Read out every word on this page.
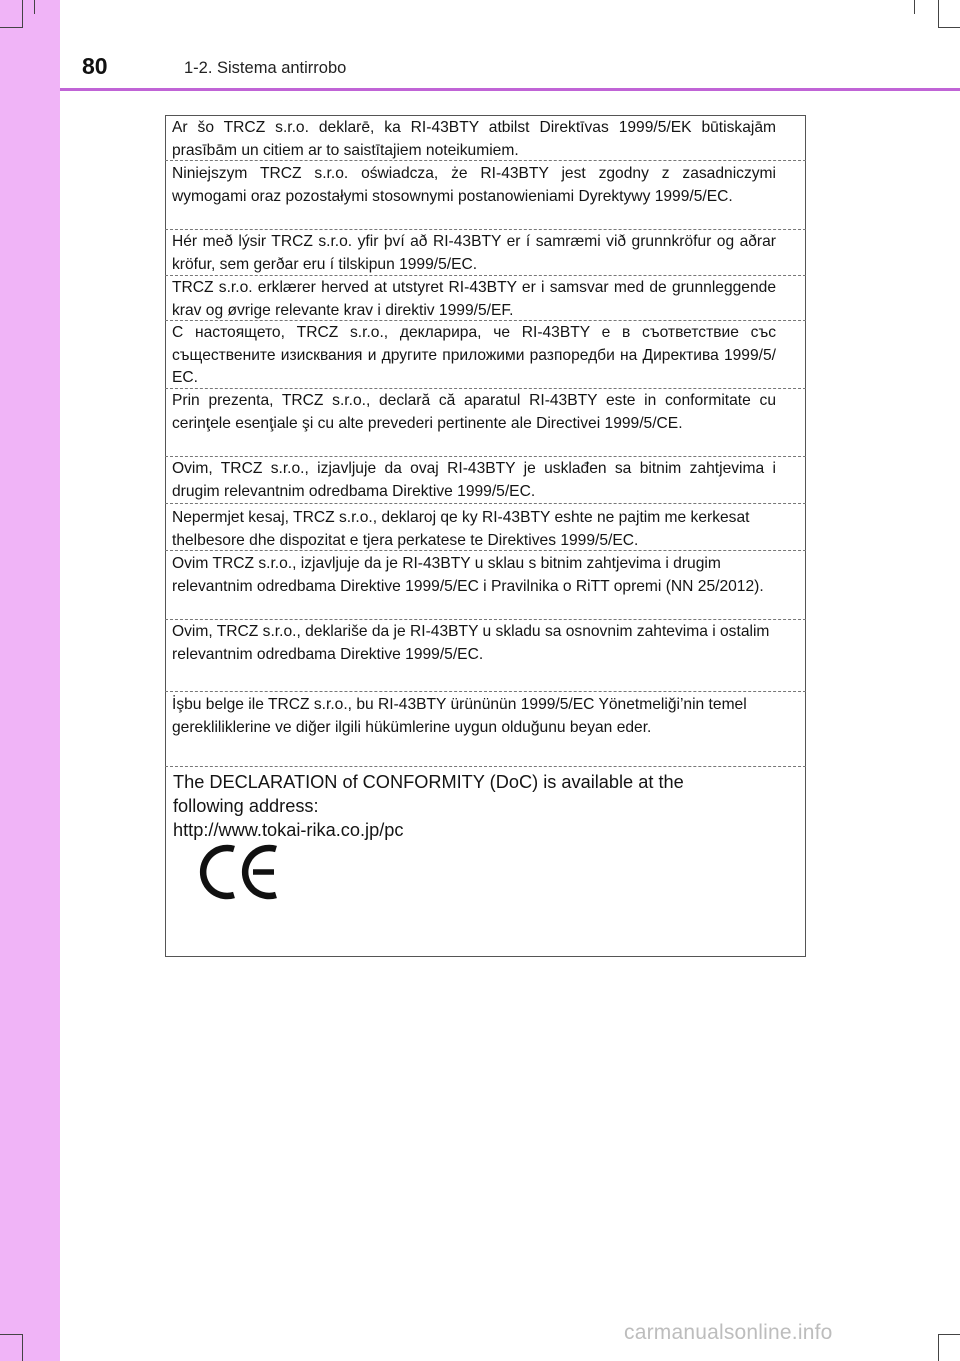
80	1-2. Sistema antirrobo
Ar šo TRCZ s.r.o. deklarē, ka RI-43BTY atbilst Direktīvas 1999/5/EK būtiskajām prasībām un citiem ar to saistītajiem noteikumiem.
Niniejszym TRCZ s.r.o. oświadcza, że RI-43BTY jest zgodny z zasadniczymi wymogami oraz pozostałymi stosownymi postanowieniami Dyrektywy 1999/5/EC.
Hér með lýsir TRCZ s.r.o. yfir því að RI-43BTY er í samræmi við grunnkröfur og aðrar kröfur, sem gerðar eru í tilskipun 1999/5/EC.
TRCZ s.r.o. erklærer herved at utstyret RI-43BTY er i samsvar med de grunnleggende krav og øvrige relevante krav i direktiv 1999/5/EF.
С настоящето, TRCZ s.r.o., декларира, че RI-43BTY е в съответствие със съществените изисквания и другите приложими разпоредби на Директива 1999/5/ЕС.
Prin prezenta, TRCZ s.r.o., declară că aparatul RI-43BTY este in conformitate cu cerinţele esenţiale şi cu alte prevederi pertinente ale Directivei 1999/5/CE.
Ovim, TRCZ s.r.o., izjavljuje da ovaj RI-43BTY je usklađen sa bitnim zahtjevima i drugim relevantnim odredbama Direktive 1999/5/EC.
Nepermjet kesaj, TRCZ s.r.o., deklaroj qe ky RI-43BTY eshte ne pajtim me kerkesat thelbesore dhe dispozitat e tjera perkatese te Direktives 1999/5/EC.
Ovim TRCZ s.r.o., izjavljuje da je RI-43BTY u sklau s bitnim zahtjevima i drugim relevantnim odredbama Direktive 1999/5/EC i Pravilnika o RiTT opremi (NN 25/2012).
Ovim, TRCZ s.r.o., deklariše da je RI-43BTY u skladu sa osnovnim zahtevima i ostalim relevantnim odredbama Direktive 1999/5/EC.
İşbu belge ile TRCZ s.r.o., bu RI-43BTY ürününün 1999/5/EC Yönetmeliği’nin temel gerekliliklerine ve diğer ilgili hükümlerine uygun olduğunu beyan eder.
The DECLARATION of CONFORMITY (DoC) is available at the
following address:
http://www.tokai-rika.co.jp/pc
carmanualsonline.info
